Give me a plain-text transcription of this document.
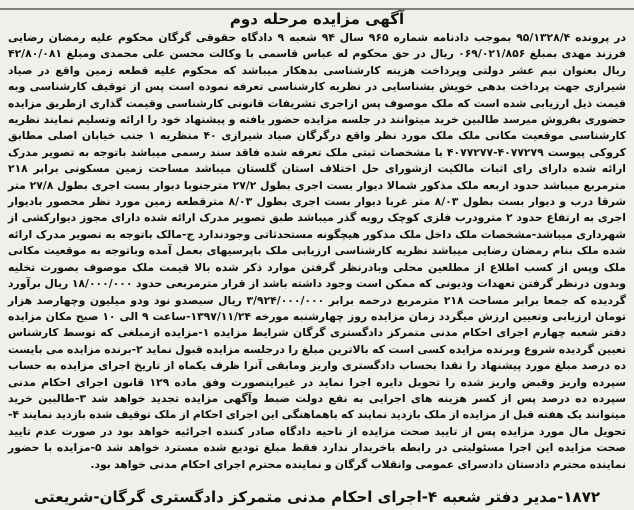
آگهی مزایده مرحله دوم

در پرونده ۹۵/۱۳۲۸/۴ بموجب دادنامه شماره ۹۶۵ سال ۹۴ شعبه ۹ دادگاه حقوقی گرگان محکوم علیه رمضان رضایی فرزند مهدی بمبلغ ۰۶۹/۰۲۱/۸۵۶ ریال در حق محکوم له عباس قاسمی با وکالت محسن علی محمدی ومبلغ ۴۲/۸۰/۰۸۱ ریال بعنوان نیم عشر دولتی وپرداخت هزینه کارشناسی بدهکار میباشد که محکوم علیه قطعه زمین واقع در صیاد شیرازی جهت پرداخت بدهی خویش بشناسایی در نظریه کارشناسی تعرفه نموده است پس از توقیف کارشناسی وبه قیمت ذیل ارزیابی شده است که ملک موصوف پس ازاجری تشریفات قانونی کارشناسی وقیمت گذاری ازطریق مزایده حضوری بفروش میرسد طالبین خرید میتوانند در جلسه مزایده حضور یافته و پیشنهاد خود را ارائه وتسلیم نمایند نظریه کارشناسی موقعیت مکانی ملک ملک مورد نظر واقع درگرگان صیاد شیرازی ۴۰ منظریه ۱ جنب خیابان اصلی مطابق کروکی پیوست ۴۰۷۷۲۷۹-۴۰۷۷۲۷۷ با مشخصات ثبتی ملک تعرفه شده فاقد سند رسمی میباشد باتوجه به تصویر مدرک ارائه شده دارای رای اثبات مالکیت ازشورای حل اختلاف استان گلستان میباشد مساحت زمین مسکونی برابر ۲۱۸ مترمربع میباشد حدود اربعه ملک مذکور شمالا دیوار بست اجری بطول ۲۷/۲ مترجنوبا دیوار بست اجری بطول ۲۷/۸ متر شرقا درب و دیوار بست بطول ۸/۰۳ متر غربا دیوار بست اجری بطول ۸/۰۳ مترقطعه زمین مورد نظر محصور بادیوار اجری به ارتفاع حدود ۲ مترودرب فلزی کوچک رویه گذر میباشد طبق تصویر مدرک ارائه شده دارای مجوز دیوارکشی از شهرداری میباشد-مشخصات ملک داخل ملک مذکور هیچگونه مستحدثاتی وجودندارد ج-مالک باتوجه به تصویر مدرک ارائه شده ملک بنام رمضان رضایی میباشد نظریه کارشناسی ارزیابی ملک باپرسیهای بعمل آمده وباتوجه به موقعیت مکانی ملک وپس از کسب اطلاع از مطلعین محلی وبادرنظر گرفتن موارد ذکر شده بالا قیمت ملک موصوف بصورت تخلیه وبدون درنظر گرفتن تعهدات ودیونی که ممکن است وجود داشته باشد از قرار مترمربعی حدود ۱۸/۰۰۰/۰۰۰ ریال برآورد گردیده که جمعا برابر مساحت ۲۱۸ مترمربع درحمه برابر ۳/۹۲۴/۰۰۰/۰۰۰ ریال سیصدو نود ودو میلیون وچهارصد هزار تومان ارزیابی وتعیین ارزش میگردد زمان مزایده روز چهارشنبه مورخه ۱۳۹۷/۱۱/۲۴-ساعت ۹ الی ۱۰ صبح مکان مزایده دفتر شعبه چهارم اجرای احکام مدنی متمرکز دادگستری گرگان شرایط مزایده ۱-مزایده ازمبلغی که توسط کارشناس تعیین گردیده شروع وبرنده مزایده کسی است که بالاترین مبلغ را درجلسه مزایده قبول نماید ۲-برنده مزایده می بایست ده درصد مبلغ مورد پیشنهاد را نقدا بحساب دادگستری واریز ومابقی آنرا ظرف یکماه از تاریخ اجرای مزایده به حساب سپرده واریز وقبض واریز شده را تحویل دایره اجرا نماید در غیراینصورت وفق ماده ۱۲۹ قانون اجرای احکام مدنی سپرده ده درصد پس از کسر هزینه های اجرایی به نفع دولت ضبط وآگهی مزایده تجدید خواهد شد ۳-طالبین خرید میتوانند یک هفته قبل از مزایده از ملک بازدید نمایند که باهماهنگی این اجرای احکام از ملک توقیف شده بازدید نمایند ۴-تحویل مال مورد مزایده پس از تایید صحت مزایده از ناحیه دادگاه صادر کننده اجرائیه خواهد بود در صورت عدم تایید صحت مزایده این اجرا مسئولیتی در رابطه باخریدار ندارد فقط مبلغ تودیع شده مسترد خواهد شد ۵-مزایده با حضور نماینده محترم دادستان دادسرای عمومی وانقلاب گرگان و نماینده محترم اجرای احکام مدنی خواهد بود.

۱۸۷۲-مدیر دفتر شعبه ۴-اجرای احکام مدنی متمرکز دادگستری گرگان-شریعتی
